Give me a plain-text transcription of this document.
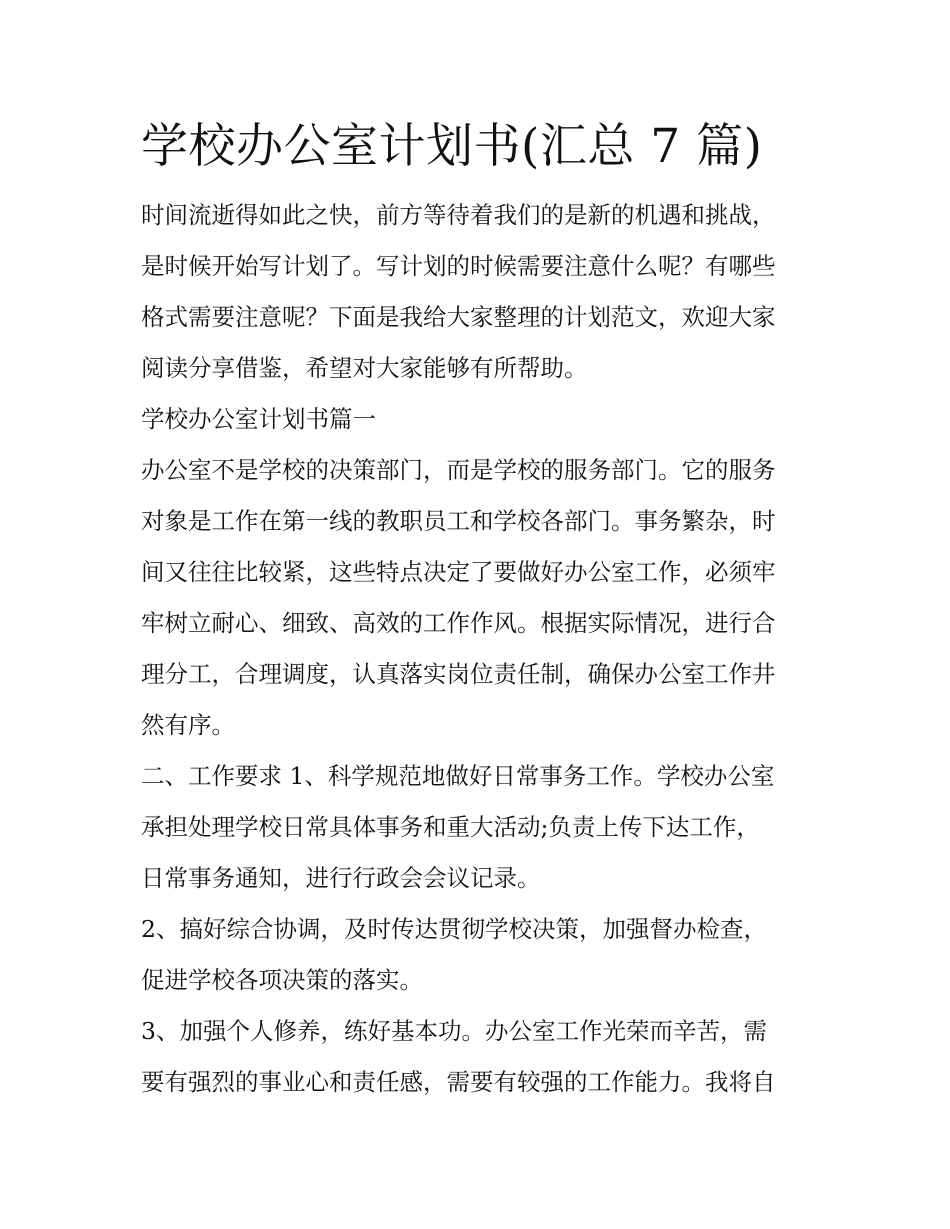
学校办公室计划书(汇总 7 篇)

时间流逝得如此之快，前方等待着我们的是新的机遇和挑战，

是时候开始写计划了。写计划的时候需要注意什么呢？有哪些

格式需要注意呢？下面是我给大家整理的计划范文，欢迎大家

阅读分享借鉴，希望对大家能够有所帮助。

学校办公室计划书篇一

办公室不是学校的决策部门，而是学校的服务部门。它的服务

对象是工作在第一线的教职员工和学校各部门。事务繁杂，时

间又往往比较紧，这些特点决定了要做好办公室工作，必须牢

牢树立耐心、细致、高效的工作作风。根据实际情况，进行合

理分工，合理调度，认真落实岗位责任制，确保办公室工作井

然有序。

二、工作要求 1、科学规范地做好日常事务工作。学校办公室

承担处理学校日常具体事务和重大活动;负责上传下达工作，

日常事务通知，进行行政会会议记录。

2、搞好综合协调，及时传达贯彻学校决策，加强督办检查，

促进学校各项决策的落实。

3、加强个人修养，练好基本功。办公室工作光荣而辛苦，需

要有强烈的事业心和责任感，需要有较强的工作能力。我将自
